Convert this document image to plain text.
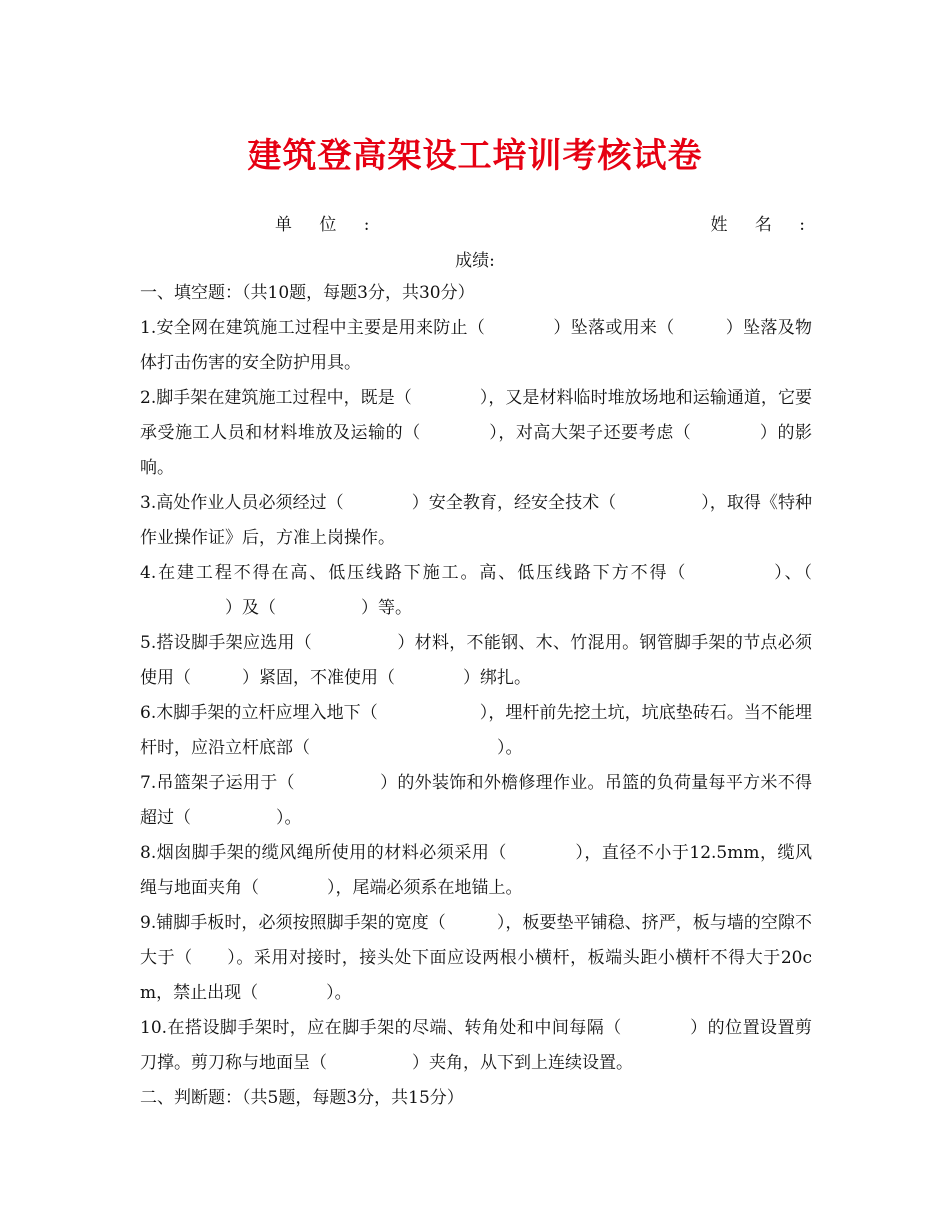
建筑登高架设工培训考核试卷
单 位 :	姓 名 :
成绩:

一、填空题：（共10题，每题3分，共30分）

1.安全网在建筑施工过程中主要是用来防止（	）坠落或用来（	）坠落及物体打击伤害的安全防护用具。

2.脚手架在建筑施工过程中，既是（	），又是材料临时堆放场地和运输通道，它要承受施工人员和材料堆放及运输的（	），对高大架子还要考虑（	）的影响。

3.高处作业人员必须经过（	）安全教育，经安全技术（	），取得《特种作业操作证》后，方准上岗操作。

4.在建工程不得在高、低压线路下施工。高、低压线路下方不得（	）、（）及（	）等。

5.搭设脚手架应选用（	）材料，不能钢、木、竹混用。钢管脚手架的节点必须使用（	）紧固，不准使用（	）绑扎。

6.木脚手架的立杆应埋入地下（	），埋杆前先挖土坑，坑底垫砖石。当不能埋杆时，应沿立杆底部（	）。

7.吊篮架子运用于（	）的外装饰和外檐修理作业。吊篮的负荷量每平方米不得超过（	）。

8.烟囱脚手架的缆风绳所使用的材料必须采用（	），直径不小于12.5mm，缆风绳与地面夹角（	），尾端必须系在地锚上。

9.铺脚手板时，必须按照脚手架的宽度（	），板要垫平铺稳、挤严，板与墙的空隙不大于（ ）。采用对接时，接头处下面应设两根小横杆，板端头距小横杆不得大于20cm，禁止出现（	）。

10.在搭设脚手架时，应在脚手架的尽端、转角处和中间每隔（	）的位置设置剪刀撑。剪刀称与地面呈（	）夹角，从下到上连续设置。

二、判断题：（共5题，每题3分，共15分）
